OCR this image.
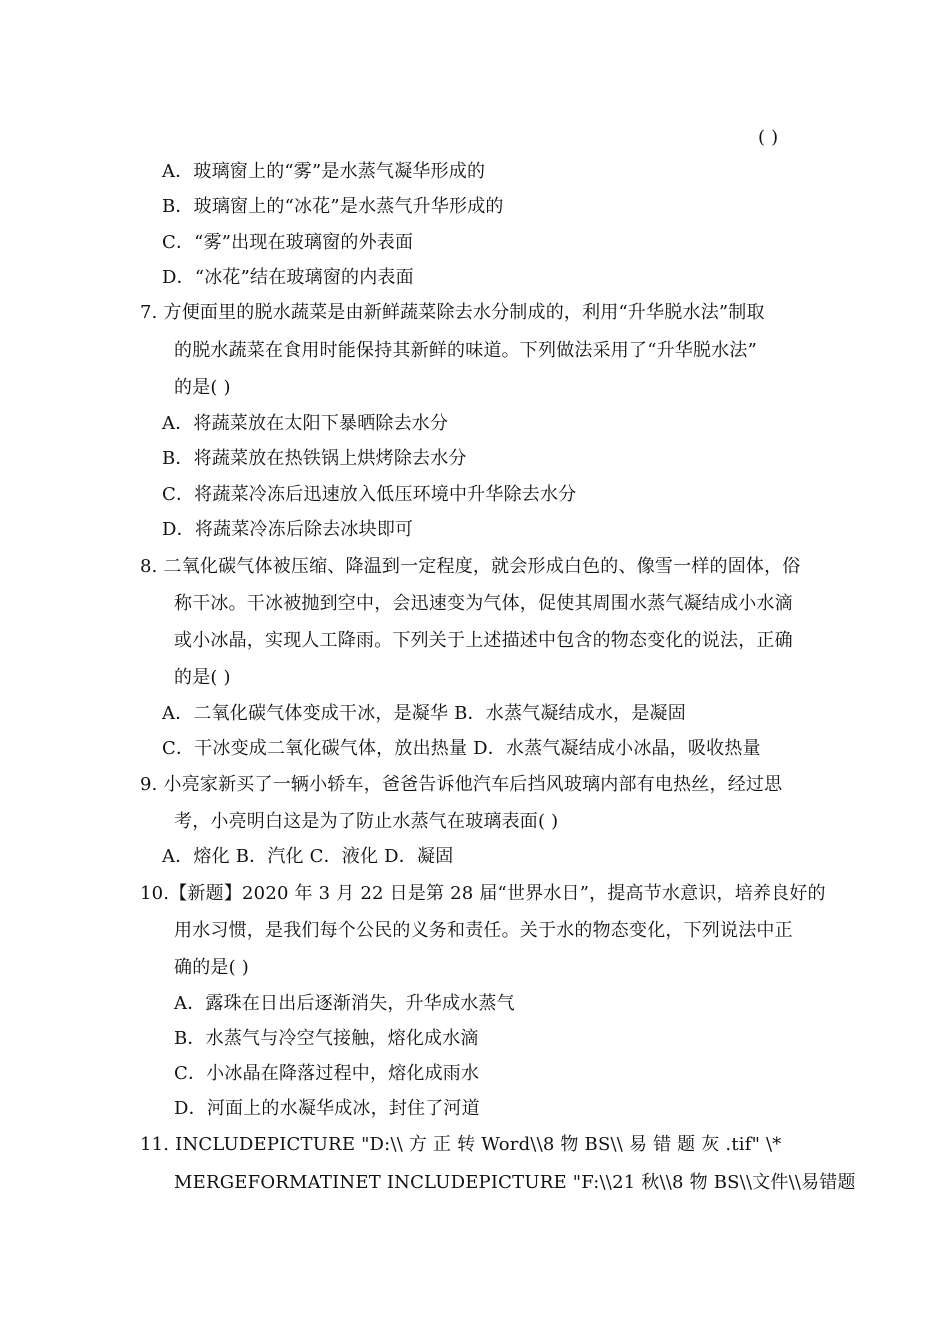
( )
A．玻璃窗上的“雾”是水蒸气凝华形成的
B．玻璃窗上的“冰花”是水蒸气升华形成的
C．“雾”出现在玻璃窗的外表面
D．“冰花”结在玻璃窗的内表面
7. 方便面里的脱水蔬菜是由新鲜蔬菜除去水分制成的，利用“升华脱水法”制取
的脱水蔬菜在食用时能保持其新鲜的味道。下列做法采用了“升华脱水法”
的是( )
A．将蔬菜放在太阳下暴晒除去水分
B．将蔬菜放在热铁锅上烘烤除去水分
C．将蔬菜冷冻后迅速放入低压环境中升华除去水分
D．将蔬菜冷冻后除去冰块即可
8. 二氧化碳气体被压缩、降温到一定程度，就会形成白色的、像雪一样的固体，俗
称干冰。干冰被抛到空中，会迅速变为气体，促使其周围水蒸气凝结成小水滴
或小冰晶，实现人工降雨。下列关于上述描述中包含的物态变化的说法，正确
的是( )
A．二氧化碳气体变成干冰，是凝华 B．水蒸气凝结成水，是凝固
C．干冰变成二氧化碳气体，放出热量 D．水蒸气凝结成小冰晶，吸收热量
9. 小亮家新买了一辆小轿车，爸爸告诉他汽车后挡风玻璃内部有电热丝，经过思
考，小亮明白这是为了防止水蒸气在玻璃表面( )
A．熔化 B．汽化 C．液化 D．凝固
10.【新题】2020 年 3 月 22 日是第 28 届“世界水日”，提高节水意识，培养良好的
用水习惯，是我们每个公民的义务和责任。关于水的物态变化，下列说法中正
确的是( )
A．露珠在日出后逐渐消失，升华成水蒸气
B．水蒸气与冷空气接触，熔化成水滴
C．小冰晶在降落过程中，熔化成雨水
D．河面上的水凝华成冰，封住了河道
11. INCLUDEPICTURE "D:\\ 方 正 转 Word\\8 物 BS\\ 易 错 题 灰 .tif" \*
MERGEFORMATINET INCLUDEPICTURE "F:\\21 秋\\8 物 BS\\文件\\易错题
